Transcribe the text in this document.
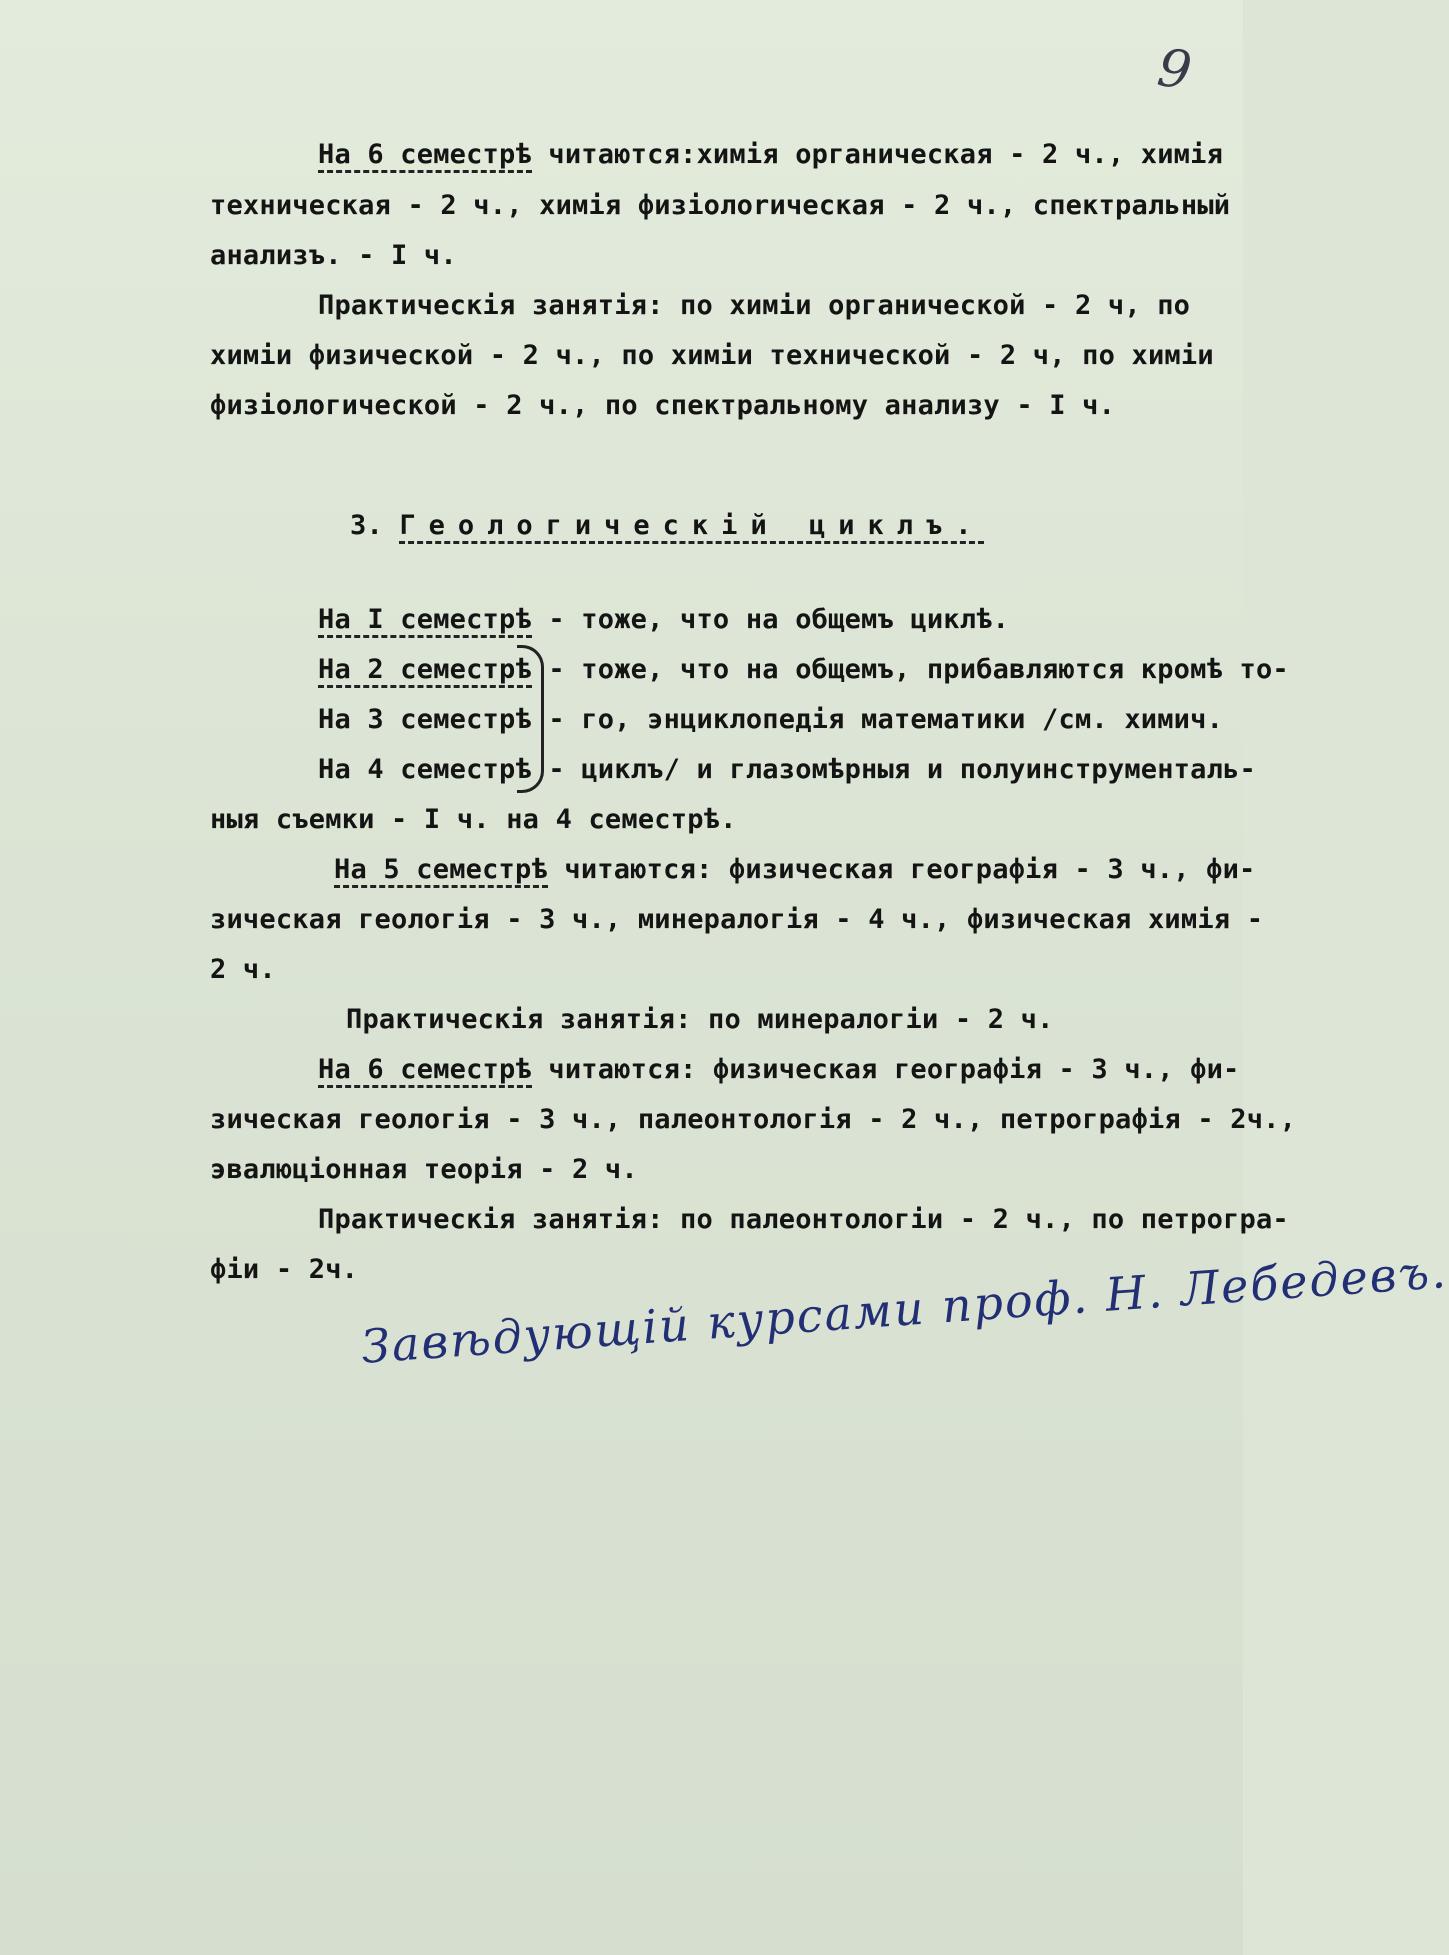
9
На 6 семестрѣ читаются:химія органическая - 2 ч., химія
техническая - 2 ч., химія физіолоrическая - 2 ч., спектральный
анализъ. - I ч.
Практическія занятія: по химіи органической - 2 ч, по
химіи физической - 2 ч., по химіи технической - 2 ч, по химіи
физіологической - 2 ч., по спектральному анализу - I ч.
3. Геологическій циклъ.
На I семестрѣ - тоже, что на общемъ циклѣ.
На 2 семестрѣ - тоже, что на общемъ, прибавляются кромѣ то-
На 3 семестрѣ - го, энциклопедія математики /см. химич.
На 4 семестрѣ - циклъ/ и глазомѣрныя и полуинструменталь-
ныя съемки - I ч. на 4 семестрѣ.
На 5 семестрѣ читаются: физическая географія - 3 ч., фи-
зическая геологія - 3 ч., минералогія - 4 ч., физическая химія -
2 ч.
Практическія занятія: по минералогіи - 2 ч.
На 6 семестрѣ читаются: физическая географія - 3 ч., фи-
зическая геологія - 3 ч., палеонтологія - 2 ч., петрографія - 2ч.,
эвалюціонная теорія - 2 ч.
Практическія занятія: по палеонтологіи - 2 ч., по петрогра-
фіи - 2ч. Завѣдующій курсами проф. Н. Лебедевъ.
